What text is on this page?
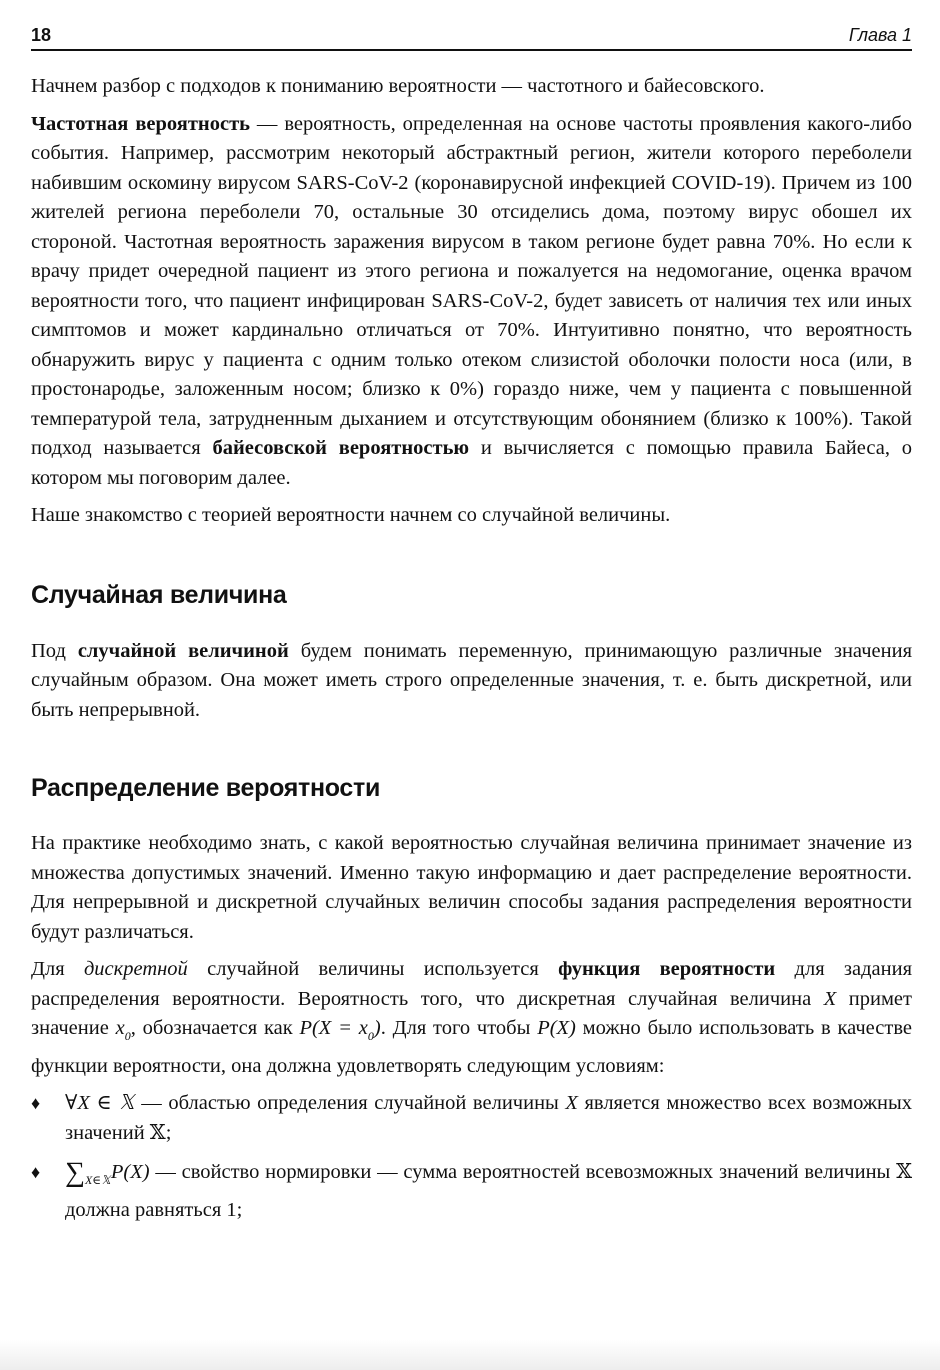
18	Глава 1

Начнем разбор с подходов к пониманию вероятности — частотного и байесовского.

Частотная вероятность — вероятность, определенная на основе частоты проявления какого-либо события. Например, рассмотрим некоторый абстрактный регион, жители которого переболели набившим оскомину вирусом SARS-CoV-2 (коронавирусной инфекцией COVID-19). Причем из 100 жителей региона переболели 70, остальные 30 отсиделись дома, поэтому вирус обошел их стороной. Частотная вероятность заражения вирусом в таком регионе будет равна 70%. Но если к врачу придет очередной пациент из этого региона и пожалуется на недомогание, оценка врачом вероятности того, что пациент инфицирован SARS-CoV-2, будет зависеть от наличия тех или иных симптомов и может кардинально отличаться от 70%. Интуитивно понятно, что вероятность обнаружить вирус у пациента с одним только отеком слизистой оболочки полости носа (или, в простонародье, заложенным носом; близко к 0%) гораздо ниже, чем у пациента с повышенной температурой тела, затрудненным дыханием и отсутствующим обонянием (близко к 100%). Такой подход называется байесовской вероятностью и вычисляется с помощью правила Байеса, о котором мы поговорим далее.

Наше знакомство с теорией вероятности начнем со случайной величины.

Случайная величина

Под случайной величиной будем понимать переменную, принимающую различные значения случайным образом. Она может иметь строго определенные значения, т. е. быть дискретной, или быть непрерывной.

Распределение вероятности

На практике необходимо знать, с какой вероятностью случайная величина принимает значение из множества допустимых значений. Именно такую информацию и дает распределение вероятности. Для непрерывной и дискретной случайных величин способы задания распределения вероятности будут различаться.

Для дискретной случайной величины используется функция вероятности для задания распределения вероятности. Вероятность того, что дискретная случайная величина X примет значение $x_0$, обозначается как $P(X = x_0)$. Для того чтобы P(X) можно было использовать в качестве функции вероятности, она должна удовлетворять следующим условиям:

♦ ∀X ∈ 𝕏 — областью определения случайной величины X является множество всех возможных значений 𝕏;
♦ $\sum_{X\in 𝕏}P(X)$ — свойство нормировки — сумма вероятностей всевозможных значений величины 𝕏 должна равняться 1;
